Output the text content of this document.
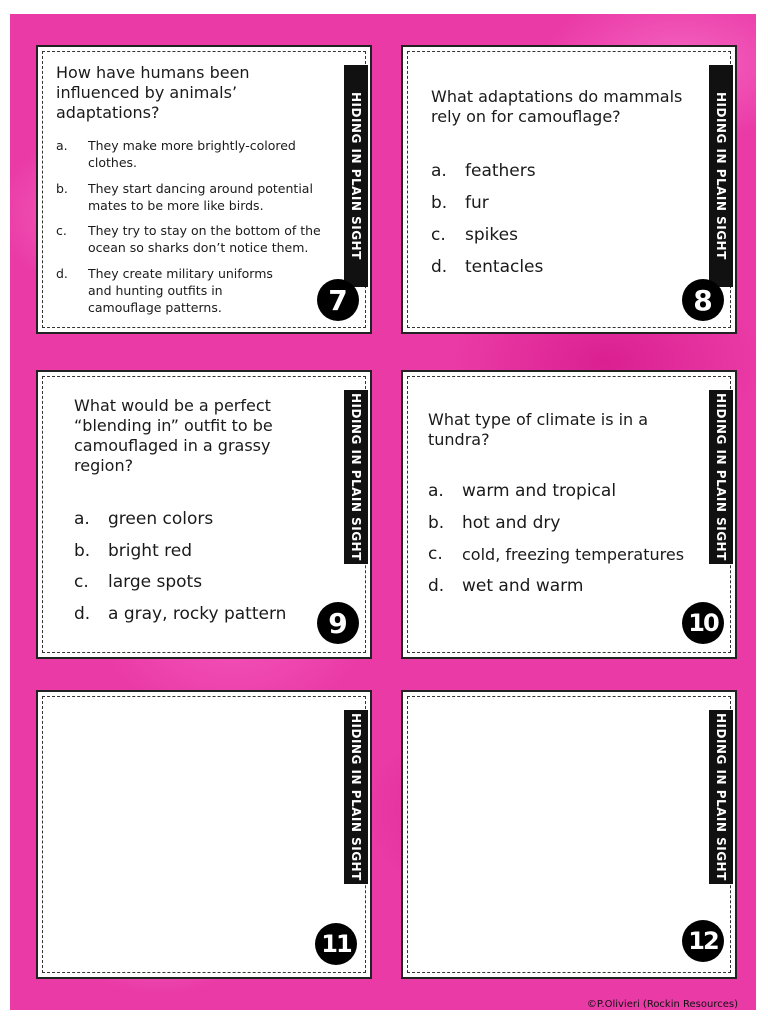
HIDING IN PLAIN SIGHT
How have humans been influenced by animals’ adaptations?
a.	They make more brightly-colored clothes.
b.	They start dancing around potential mates to be more like birds.
c.	They try to stay on the bottom of the ocean so sharks don’t notice them.
d.	They create military uniforms and hunting outfits in camouflage patterns.	7
HIDING IN PLAIN SIGHT
What adaptations do mammals rely on for camouflage?
a.	feathers
b.	fur
c.	spikes
d.	tentacles
8
HIDING IN PLAIN SIGHT
What would be a perfect “blending in” outfit to be camouflaged in a grassy region?
a.	green colors
b.	bright red
c.	large spots
d.	a gray, rocky pattern	9
HIDING IN PLAIN SIGHT
What type of climate is in a tundra?
a.	warm and tropical
b.	hot and dry
c.	cold, freezing temperatures
d.	wet and warm
10
HIDING IN PLAIN SIGHT
11
HIDING IN PLAIN SIGHT
12
©P.Olivieri (Rockin Resources)
